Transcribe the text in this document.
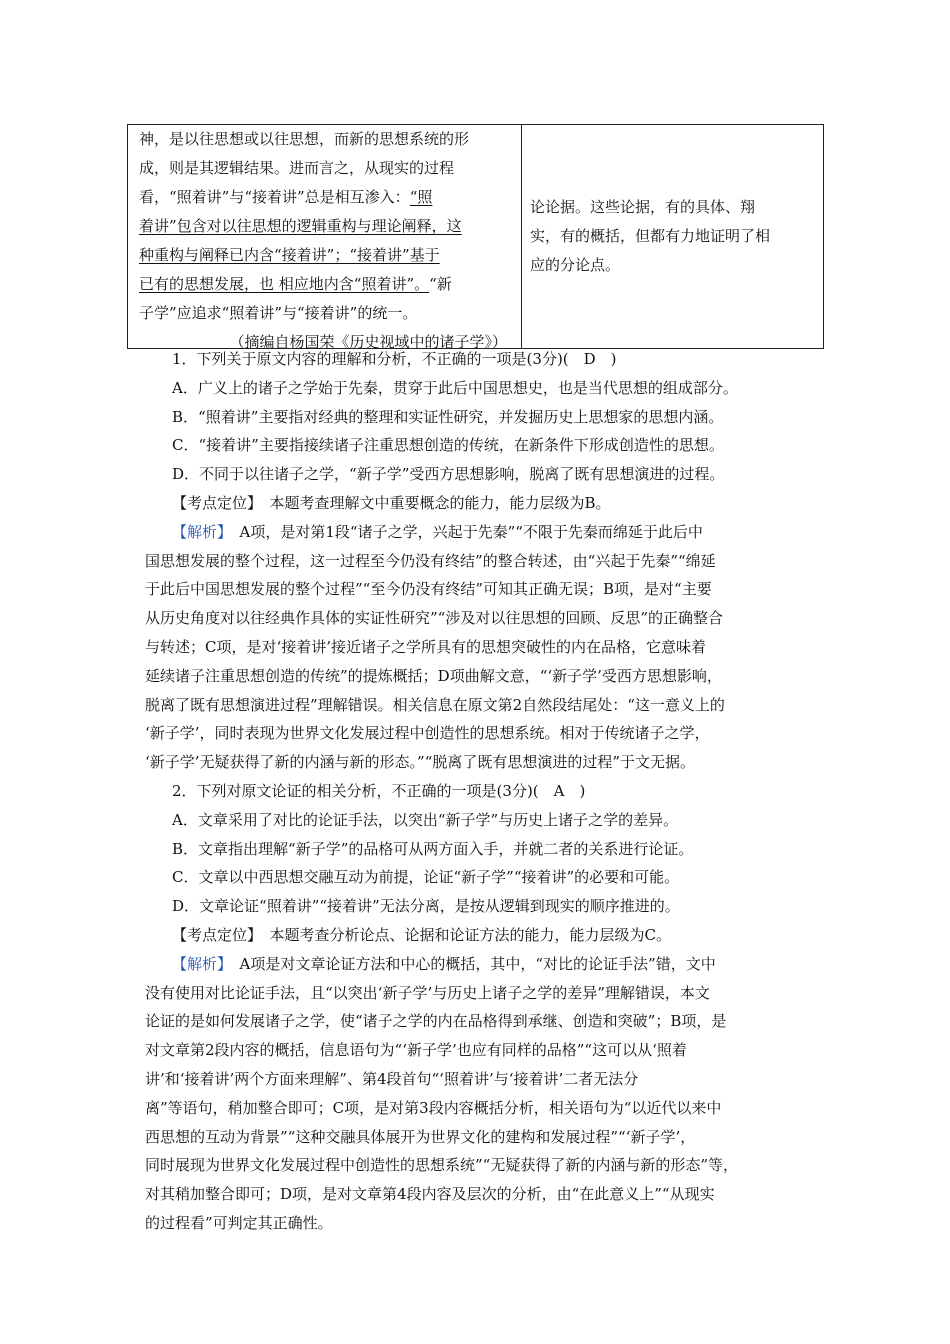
神，是以往思想或以往思想，而新的思想系统的形
成，则是其逻辑结果。进而言之，从现实的过程
看，“照着讲”与“接着讲”总是相互渗入：“照
着讲”包含对以往思想的逻辑重构与理论阐释，这
种重构与阐释已内含“接着讲”；“接着讲”基于
已有的思想发展，也 相应地内含“照着讲”。“新
子学”应追求“照着讲”与“接着讲”的统一。
（摘编自杨国荣《历史视域中的诸子学》）
论论据。这些论据，有的具体、翔
实，有的概括，但都有力地证明了相
应的分论点。
1．下列关于原文内容的理解和分析，不正确的一项是(3分)(　D　)
A．广义上的诸子之学始于先秦，贯穿于此后中国思想史，也是当代思想的组成部分。
B．“照着讲”主要指对经典的整理和实证性研究，并发掘历史上思想家的思想内涵。
C．“接着讲”主要指接续诸子注重思想创造的传统，在新条件下形成创造性的思想。
D．不同于以往诸子之学，“新子学”受西方思想影响，脱离了既有思想演进的过程。
【考点定位】　 本题考查理解文中重要概念的能力，能力层级为B。
【解析】　 A项，是对第1段“诸子之学，兴起于先秦”“不限于先秦而绵延于此后中
国思想发展的整个过程，这一过程至今仍没有终结”的整合转述，由“兴起于先秦”“绵延
于此后中国思想发展的整个过程”“至今仍没有终结”可知其正确无误；B项，是对“主要
从历史角度对以往经典作具体的实证性研究”“涉及对以往思想的回顾、反思”的正确整合
与转述；C项，是对‘接着讲’接近诸子之学所具有的思想突破性的内在品格，它意味着
延续诸子注重思想创造的传统”的提炼概括；D项曲解文意，“‘新子学’受西方思想影响，
脱离了既有思想演进过程”理解错误。相关信息在原文第2自然段结尾处：“这一意义上的
‘新子学’，同时表现为世界文化发展过程中创造性的思想系统。相对于传统诸子之学，
‘新子学’无疑获得了新的内涵与新的形态。”“脱离了既有思想演进的过程”于文无据。
2．下列对原文论证的相关分析，不正确的一项是(3分)(　A　)
A．文章采用了对比的论证手法，以突出“新子学”与历史上诸子之学的差异。
B．文章指出理解“新子学”的品格可从两方面入手，并就二者的关系进行论证。
C．文章以中西思想交融互动为前提，论证“新子学”“接着讲”的必要和可能。
D．文章论证“照着讲”“接着讲”无法分离，是按从逻辑到现实的顺序推进的。
【考点定位】　 本题考查分析论点、论据和论证方法的能力，能力层级为C。
【解析】　 A项是对文章论证方法和中心的概括，其中，“对比的论证手法”错，文中
没有使用对比论证手法，且“以突出‘新子学’与历史上诸子之学的差异”理解错误，本文
论证的是如何发展诸子之学，使“诸子之学的内在品格得到承继、创造和突破”；B项，是
对文章第2段内容的概括，信息语句为“‘新子学’也应有同样的品格”“这可以从‘照着
讲’和‘接着讲’两个方面来理解”、第4段首句“‘照着讲’与‘接着讲’二者无法分
离”等语句，稍加整合即可；C项，是对第3段内容概括分析，相关语句为“以近代以来中
西思想的互动为背景”“这种交融具体展开为世界文化的建构和发展过程”“‘新子学’，
同时展现为世界文化发展过程中创造性的思想系统”“无疑获得了新的内涵与新的形态”等，
对其稍加整合即可；D项，是对文章第4段内容及层次的分析，由“在此意义上”“从现实
的过程看”可判定其正确性。
